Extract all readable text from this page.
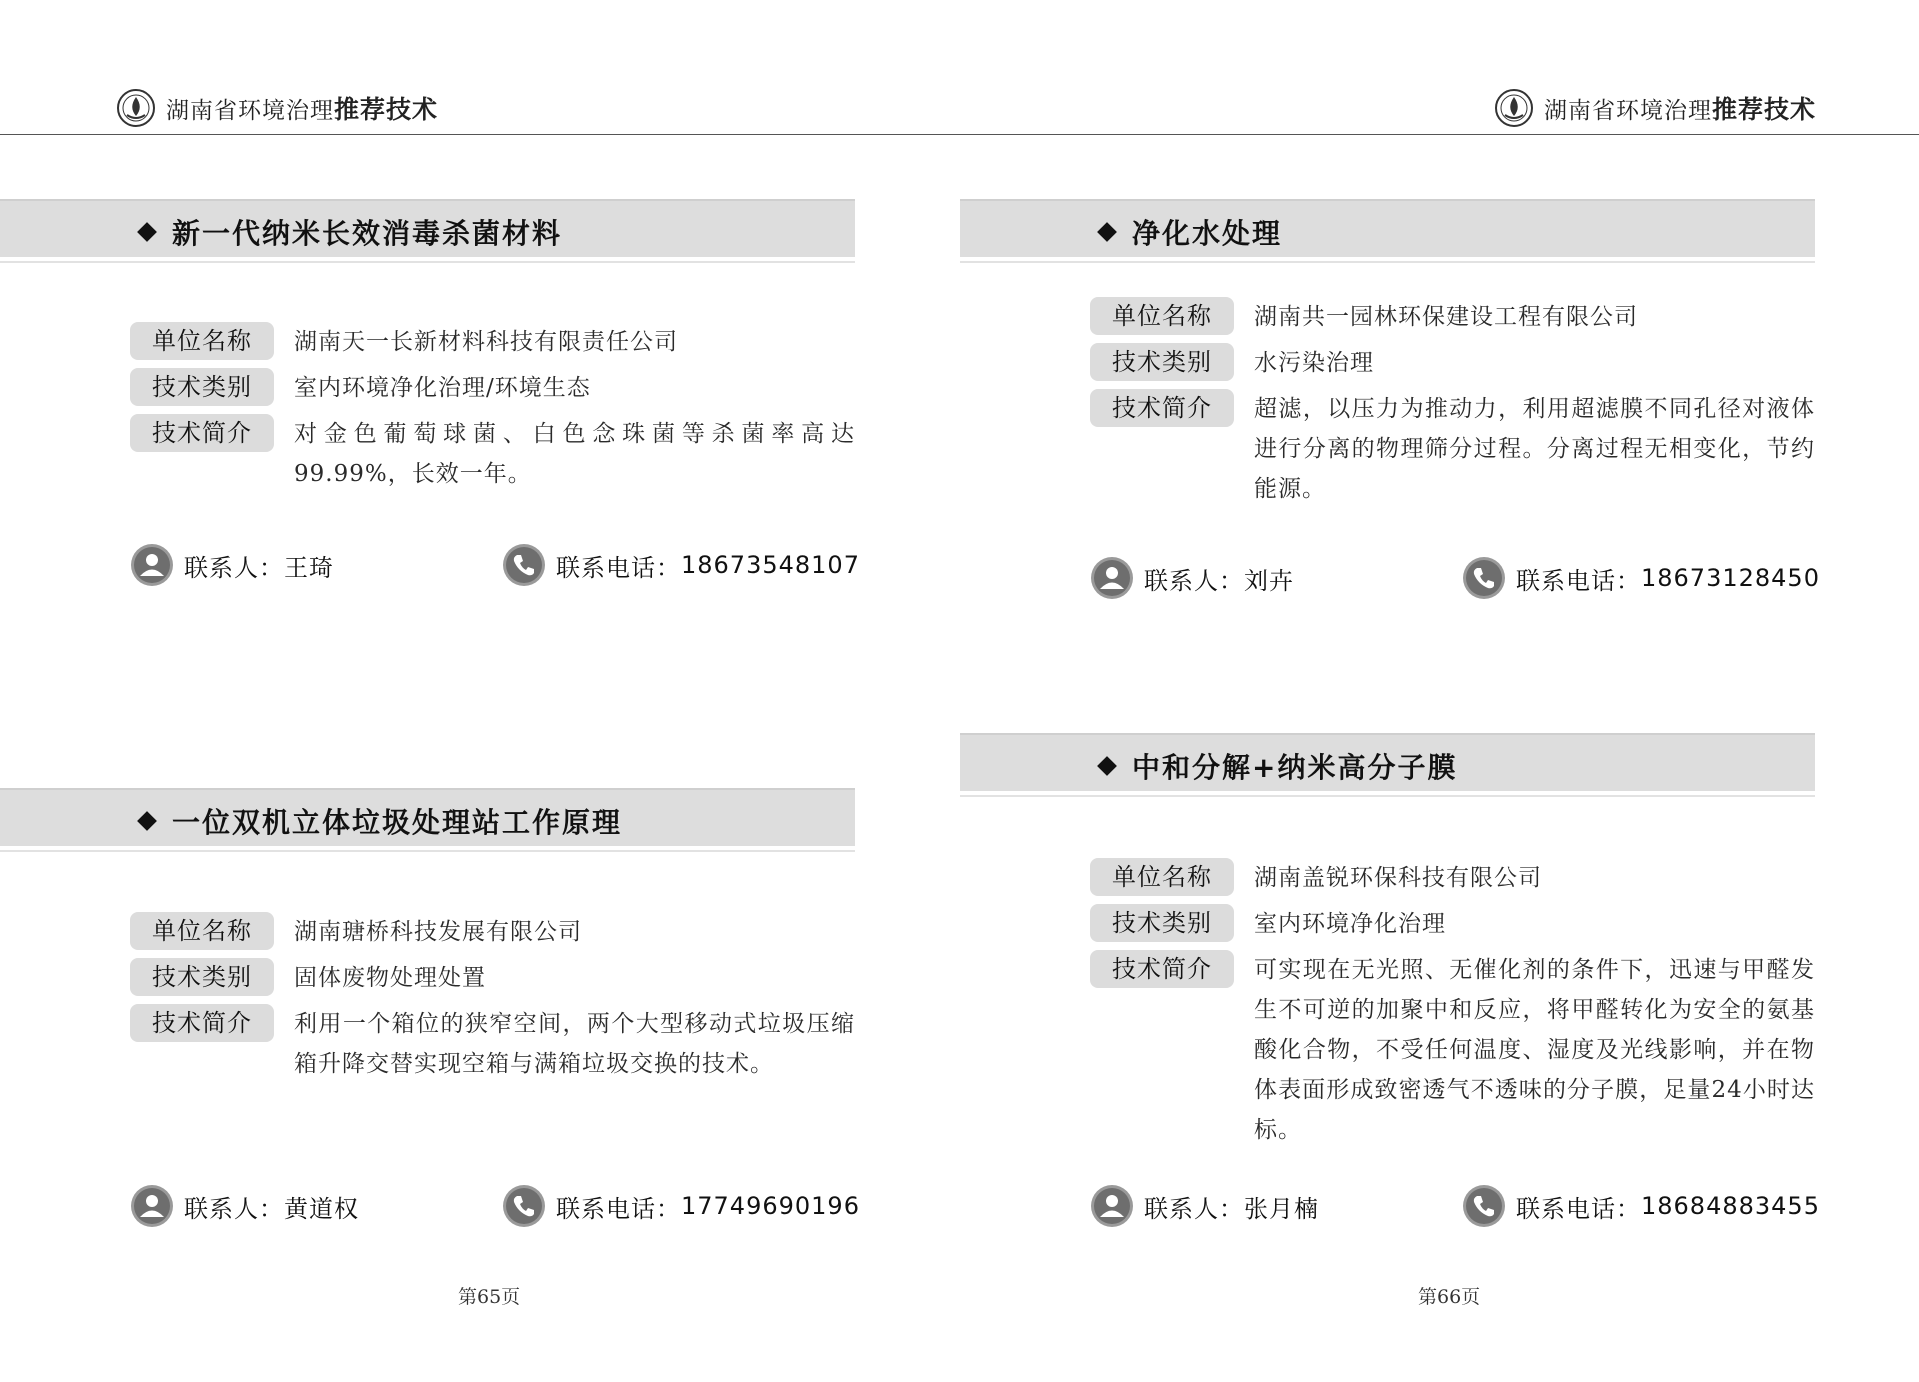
湖南省环境治理推荐技术
新一代纳米长效消毒杀菌材料
单位名称	湖南天一长新材料科技有限责任公司
技术类别	室内环境净化治理/环境生态
技术简介	对金色葡萄球菌、白色念珠菌等杀菌率高达99.99%，长效一年。
联系人： 王琦	联系电话： 18673548107
一位双机立体垃圾处理站工作原理
单位名称	湖南瑭桥科技发展有限公司
技术类别	固体废物处理处置
技术简介	利用一个箱位的狭窄空间，两个大型移动式垃圾压缩箱升降交替实现空箱与满箱垃圾交换的技术。
联系人： 黄道权	联系电话： 17749690196
第65页
湖南省环境治理推荐技术
净化水处理
单位名称	湖南共一园林环保建设工程有限公司
技术类别	水污染治理
技术简介	超滤，以压力为推动力，利用超滤膜不同孔径对液体进行分离的物理筛分过程。分离过程无相变化，节约能源。
联系人： 刘卉	联系电话： 18673128450
中和分解+纳米高分子膜
单位名称	湖南盖锐环保科技有限公司
技术类别	室内环境净化治理
技术简介	可实现在无光照、无催化剂的条件下，迅速与甲醛发生不可逆的加聚中和反应，将甲醛转化为安全的氨基酸化合物，不受任何温度、湿度及光线影响，并在物体表面形成致密透气不透味的分子膜，足量24小时达标。
联系人： 张月楠	联系电话： 18684883455
第66页
